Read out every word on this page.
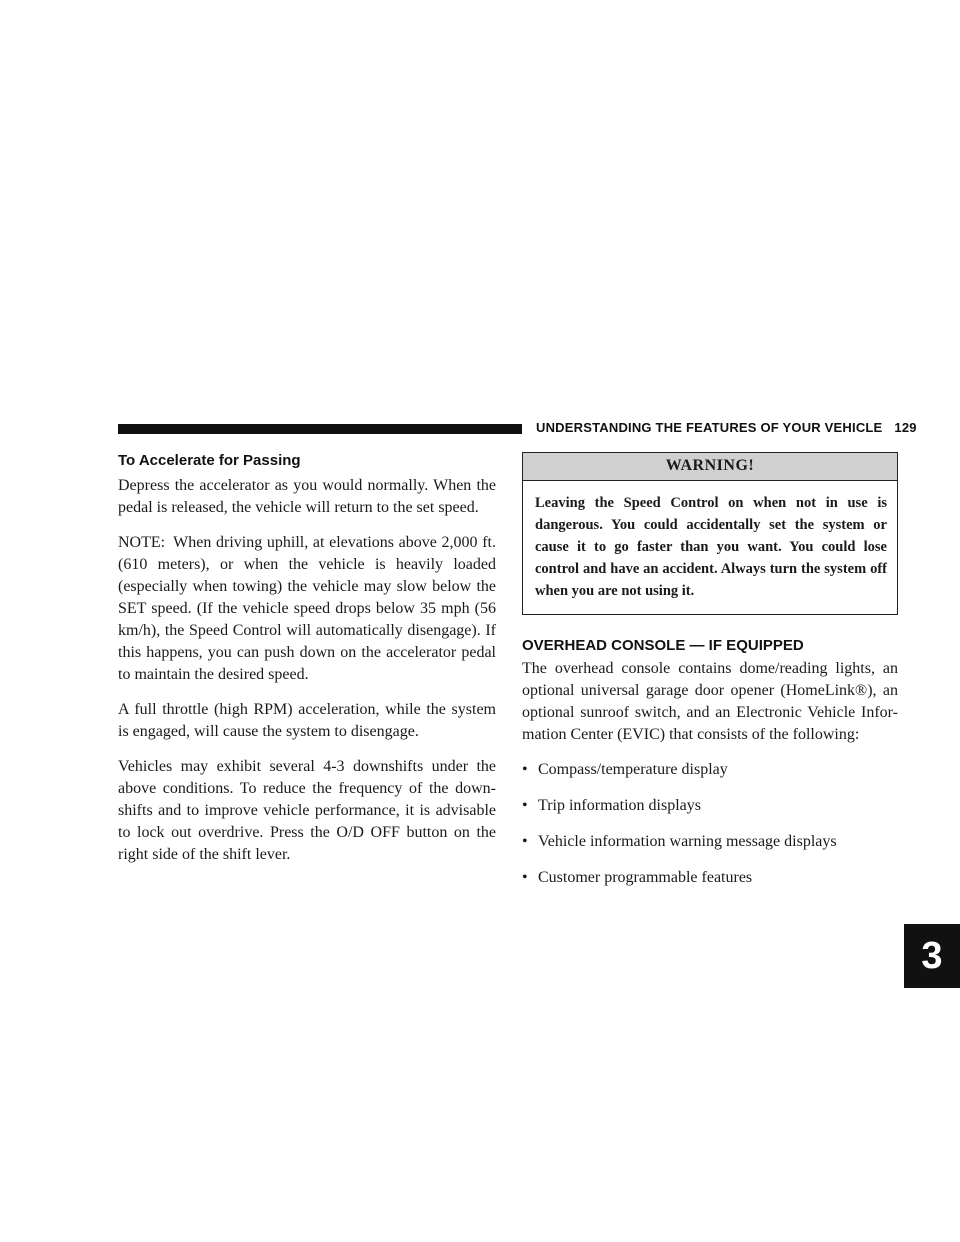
UNDERSTANDING THE FEATURES OF YOUR VEHICLE 129
3
To Accelerate for Passing

Depress the accelerator as you would normally. When the pedal is released, the vehicle will return to the set speed.

NOTE: When driving uphill, at elevations above 2,000 ft. (610 meters), or when the vehicle is heavily loaded (especially when towing) the vehicle may slow below the SET speed. (If the vehicle speed drops below 35 mph (56 km/h), the Speed Control will automatically disengage). If this happens, you can push down on the accelerator pedal to maintain the desired speed.

A full throttle (high RPM) acceleration, while the system is engaged, will cause the system to disengage.

Vehicles may exhibit several 4-3 downshifts under the above conditions. To reduce the frequency of the down-shifts and to improve vehicle performance, it is advisable to lock out overdrive. Press the O/D OFF button on the right side of the shift lever.

WARNING!
Leaving the Speed Control on when not in use is dangerous. You could accidentally set the system or cause it to go faster than you want. You could lose control and have an accident. Always turn the system off when you are not using it.
OVERHEAD CONSOLE — IF EQUIPPED

The overhead console contains dome/reading lights, an optional universal garage door opener (HomeLink®), an optional sunroof switch, and an Electronic Vehicle Infor-mation Center (EVIC) that consists of the following:

• Compass/temperature display
• Trip information displays
• Vehicle information warning message displays
• Customer programmable features
